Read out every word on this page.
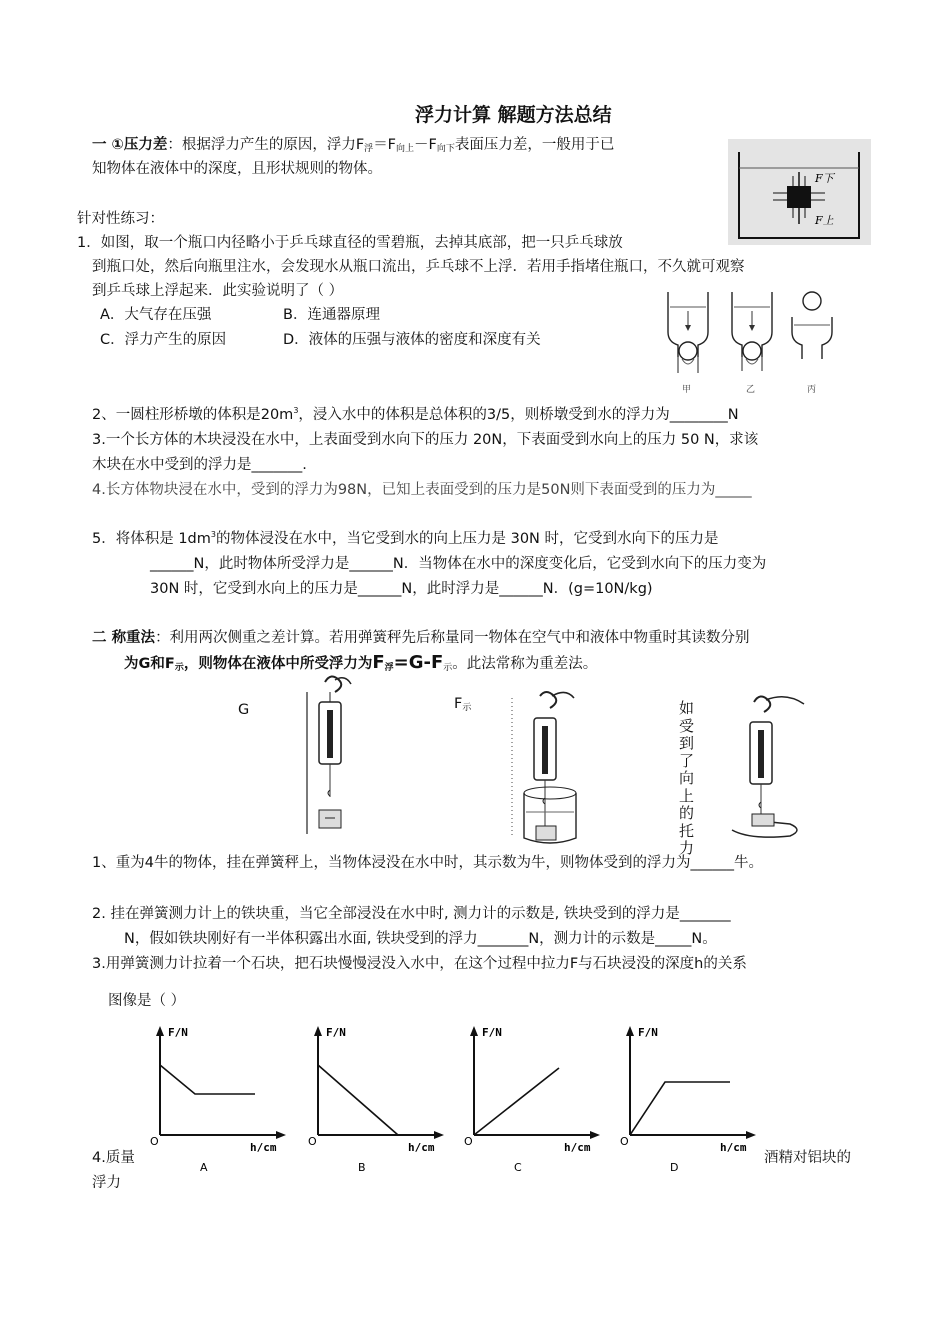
浮力计算 解题方法总结
一 ①压力差：根据浮力产生的原因，浮力$F_浮=F_{向上}-F_{向下}$表面压力差，一般用于已
知物体在液体中的深度，且形状规则的物体。
F下
F上
针对性练习：
1．如图，取一个瓶口内径略小于乒乓球直径的雪碧瓶，去掉其底部，把一只乒乓球放
到瓶口处，然后向瓶里注水，会发现水从瓶口流出，乒乓球不上浮．若用手指堵住瓶口，不久就可观察
到乒乓球上浮起来．此实验说明了（ ）
A．大气存在压强	B．连通器原理
C．浮力产生的原因	D．液体的压强与液体的密度和深度有关
甲	乙	丙
2、一圆柱形桥墩的体积是$20m^3$，浸入水中的体积是总体积的3/5，则桥墩受到水的浮力为________N
3.一个长方体的木块浸没在水中，上表面受到水向下的压力 20N，下表面受到水向上的压力 50 N，求该
木块在水中受到的浮力是_______.
4.长方体物块浸在水中，受到的浮力为98N，已知上表面受到的压力是50N则下表面受到的压力为_____
5．将体积是 $1dm^3$的物体浸没在水中，当它受到水的向上压力是 30N 时，它受到水向下的压力是
______N，此时物体所受浮力是______N．当物体在水中的深度变化后，它受到水向下的压力变为
30N 时，它受到水向上的压力是______N，此时浮力是______N．(g=10N/kg)
二 称重法：利用两次侧重之差计算。若用弹簧秤先后称量同一物体在空气中和液体中物重时其读数分别
为G和$F_示$，则物体在液体中所受浮力为$F_浮=G-F_示$。此法常称为重差法。
G	$F_示$	如受到了向上的托力
1、重为4牛的物体，挂在弹簧秤上，当物体浸没在水中时，其示数为牛，则物体受到的浮力为______牛。
2. 挂在弹簧测力计上的铁块重，当它全部浸没在水中时, 测力计的示数是, 铁块受到的浮力是_______
N，假如铁块刚好有一半体积露出水面, 铁块受到的浮力_______N，测力计的示数是_____N。
3.用弹簧测力计拉着一个石块，把石块慢慢浸没入水中，在这个过程中拉力F与石块浸没的深度h的关系
图像是（ ）
F/N
h/cm
O
A
F/N
h/cm
O
B
F/N
h/cm
O
C
F/N
h/cm
O
D
4.质量	酒精对铝块的
浮力
